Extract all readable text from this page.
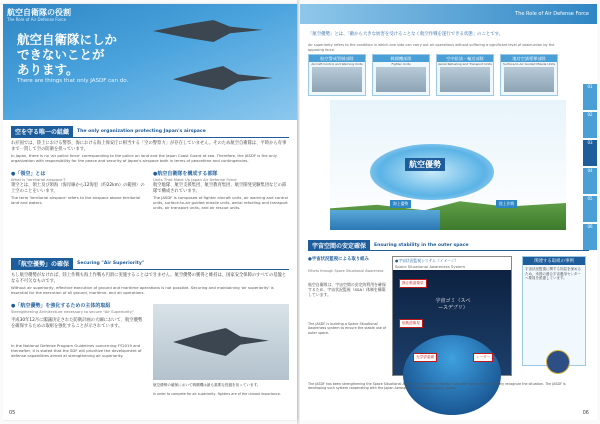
航空自衛隊の役割
The Role of Air Defense Force
航空自衛隊にしか
できないことが
あります。
There are things that only JASDF can do.
空を守る唯一の組織	The only organization protecting Japan's airspace
わが国では、陸上における警察、海における海上保安庁に相当する「空の警察力」が存在していません。そのため航空自衛隊は、平時から有事まで一貫して空の防衛を担っています。
In Japan, there is no 'air police force' corresponding to the police on land and the Japan Coast Guard at sea. Therefore, the JASDF is the only organization with responsibility for the peace and security of Japan's airspace both in terms of peacetime and contingencies.
●「領空」とは
What is 'territorial airspace'?
領空とは、領土及び領海（海岸線から12海里（約22km）の範囲）の上空のことをいいます。
The term 'territorial airspace' refers to the airspace above territorial land and waters.
●航空自衛隊を構成する部隊
Units That Make Up Japan Air Defense Force
航空総隊、航空支援集団、航空教育集団、航空開発実験集団などの部隊で構成されています。
The JASDF is composed of fighter aircraft units, air warning and control units, surface-to-air guided missile units, aerial refueling and transport units, air transport units, and air rescue units.
「航空優勢」の確保	Securing "Air Superiority"
もし航空優勢がなければ、陸上作戦も海上作戦も円滑に実施することはできません。航空優勢の獲得と維持は、国家安全保障のすべての基盤となる不可欠なものです。
Without air superiority, effective execution of ground and maritime operations is not possible. Securing and maintaining 'air superiority' is essential for the execution of all ground, maritime, and air operations.
●「航空優勢」を強化するための主体的取組
Strengthening Architecture necessary to secure "Air Superiority"
平成30年12月に閣議決定された防衛計画の大綱において、航空優勢を確保するための取組を強化することが示されています。
In the National Defense Program Guidelines concerning FY2019 and thereafter, it is stated that the SDF will prioritize the development of defense capabilities aimed at strengthening air superiority.
航空優勢の確保において戦闘機は最も重要な役割を担っています。
In order to compete for air superiority, fighters are of the utmost importance.
05
The Role of Air Defense Force
01
02
03
04
05
06
「航空優勢」とは、「敵から大きな妨害を受けることなく航空作戦を遂行できる状態」のことです。
Air superiority refers to the condition in which one side can carry out air operations without suffering a significant level of obstruction by the opposing force.
航空警戒管制部隊
Aircraft Control and Warning Units
戦闘機部隊
Fighter Units
空中給油・輸送部隊
Aerial Refueling and Transport Units
地対空誘導弾部隊
Surface-to-Air Guided Missile Units
航空優勢
海上優勢	陸上作戦
宇宙空間の安定確保	Ensuring stability in the outer space
●宇宙状況監視による取り組み
Efforts through Space Situational Awareness
航空自衛隊は、宇宙空間の安定的利用を確保するため、宇宙状況監視（SSA）体制を構築しています。
The JASDF is building a Space Situational Awareness system to ensure the stable use of outer space.
●宇宙状況監視システム（イメージ）
Space Situational Awareness System
宇宙ゴミ（スペースデブリ）
静止軌道衛星
低軌道衛星
光学望遠鏡	レーダー
関連する取組の事例
宇宙状況監視に関する知見を深めるため、米国の連合宇宙運用センターへ要員を派遣しています。
The JASDF has been strengthening the Space Situational Awareness system to monitor the outer space and accurately recognize the situation. The JASDF is developing such system cooperating with the Japan Aerospace Exploration Agency (JAXA).
06
